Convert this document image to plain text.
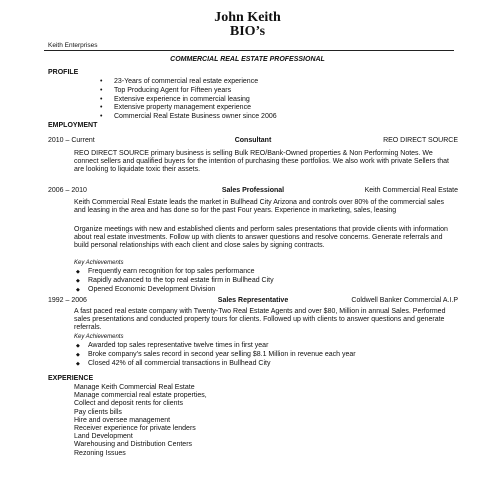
John Keith
BIO’s
Keith Enterprises
COMMERCIAL REAL ESTATE PROFESSIONAL
PROFILE
• 23-Years of commercial real estate experience
• Top Producing Agent for Fifteen years
• Extensive experience in commercial leasing
• Extensive property management experience
• Commercial Real Estate Business owner since 2006
EMPLOYMENT
2010 – Current	Consultant	REO DIRECT SOURCE

REO DIRECT SOURCE primary business is selling Bulk REO/Bank-Owned properties & Non Performing Notes. We connect sellers and qualified buyers for the intention of purchasing these portfolios. We also work with private Sellers that are looking to liquidate toxic their assets.

2006 – 2010	Sales Professional	Keith Commercial Real Estate

Keith Commercial Real Estate leads the market in Bullhead City Arizona and controls over 80% of the commercial sales and leasing in the area and has done so for the past Four years. Experience in marketing, sales, leasing

Organize meetings with new and established clients and perform sales presentations that provide clients with information about real estate investments. Follow up with clients to answer questions and resolve concerns. Generate referrals and build personal relationships with each client and close sales by signing contracts.

Key Achievements
◆ Frequently earn recognition for top sales performance
◆ Rapidly advanced to the top real estate firm in Bullhead City
◆ Opened Economic Development Division
1992 – 2006	Sales Representative	Coldwell Banker Commercial A.I.P

A fast paced real estate company with Twenty-Two Real Estate Agents and over $80, Million in annual Sales. Performed sales presentations and conducted property tours for clients. Followed up with clients to answer questions and generate referrals.

Key Achievements
◆ Awarded top sales representative twelve times in first year
◆ Broke company’s sales record in second year selling $8.1 Million in revenue each year
◆ Closed 42% of all commercial transactions in Bullhead City
EXPERIENCE
Manage Keith Commercial Real Estate
Manage commercial real estate properties,
Collect and deposit rents for clients
Pay clients bills
Hire and oversee management
Receiver experience for private lenders
Land Development
Warehousing and Distribution Centers
Rezoning Issues
